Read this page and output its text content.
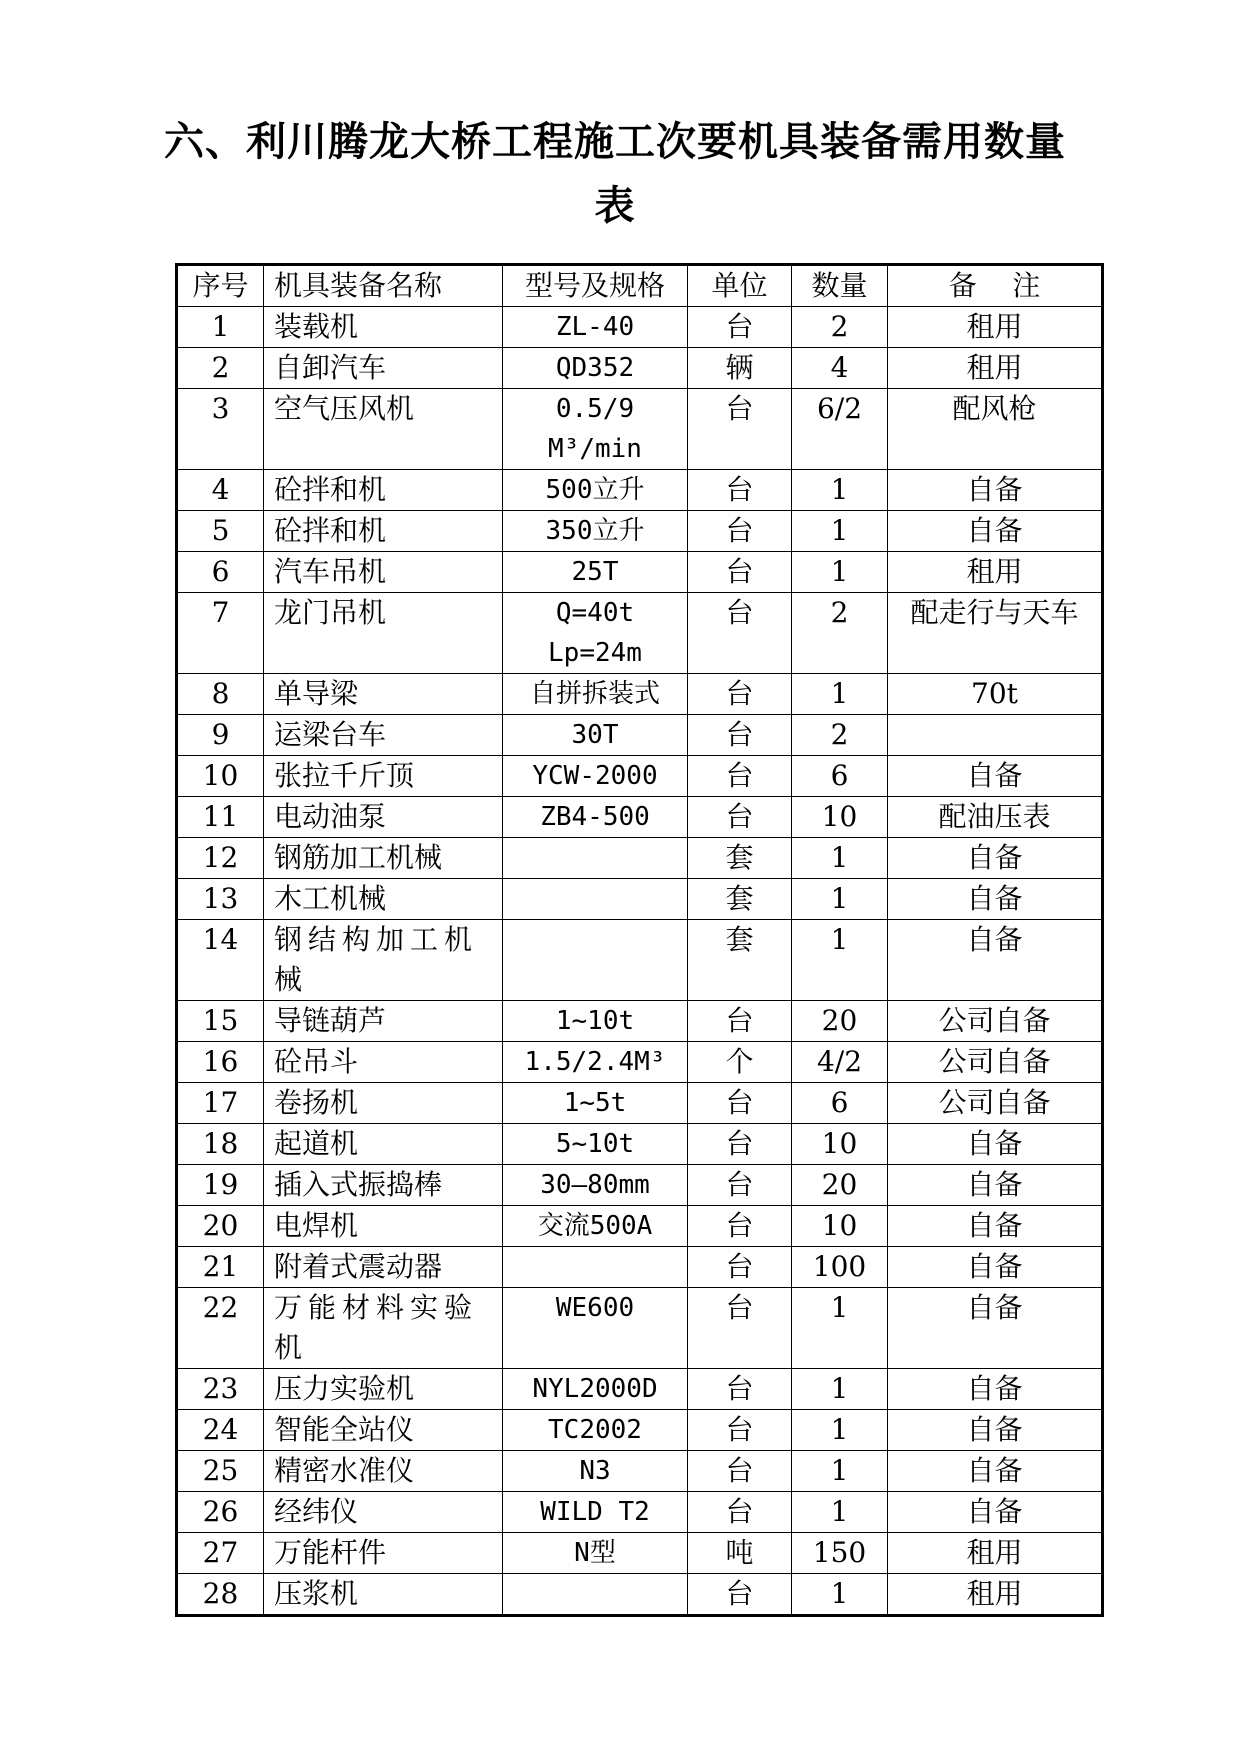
六、利川腾龙大桥工程施工次要机具装备需用数量
表
序号	机具装备名称	型号及规格	单位	数量	备    注
1	装载机	ZL-40	台	2	租用
2	自卸汽车	QD352	辆	4	租用
3	空气压风机	0.5/9 M³/min	台	6/2	配风枪
4	砼拌和机	500立升	台	1	自备
5	砼拌和机	350立升	台	1	自备
6	汽车吊机	25T	台	1	租用
7	龙门吊机	Q=40t Lp=24m	台	2	配走行与天车
8	单导梁	自拼拆装式	台	1	70t
9	运梁台车	30T	台	2	
10	张拉千斤顶	YCW-2000	台	6	自备
11	电动油泵	ZB4-500	台	10	配油压表
12	钢筋加工机械		套	1	自备
13	木工机械		套	1	自备
14	钢结构加工机械		套	1	自备
15	导链葫芦	1~10t	台	20	公司自备
16	砼吊斗	1.5/2.4M³	个	4/2	公司自备
17	卷扬机	1~5t	台	6	公司自备
18	起道机	5~10t	台	10	自备
19	插入式振捣棒	30—80mm	台	20	自备
20	电焊机	交流500A	台	10	自备
21	附着式震动器		台	100	自备
22	万能材料实验机	WE600	台	1	自备
23	压力实验机	NYL2000D	台	1	自备
24	智能全站仪	TC2002	台	1	自备
25	精密水准仪	N3	台	1	自备
26	经纬仪	WILD T2	台	1	自备
27	万能杆件	N型	吨	150	租用
28	压浆机		台	1	租用
